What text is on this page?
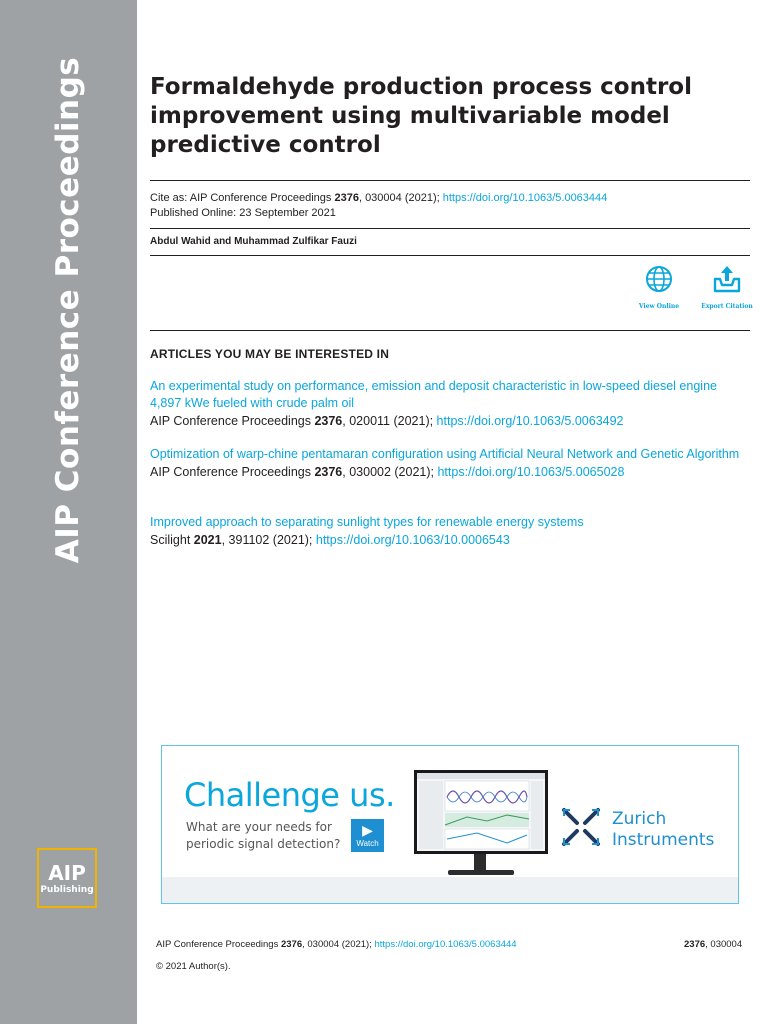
AIP Conference Proceedings
AIP
Publishing
Formaldehyde production process control improvement using multivariable model predictive control
Cite as: AIP Conference Proceedings 2376, 030004 (2021); https://doi.org/10.1063/5.0063444
Published Online: 23 September 2021
Abdul Wahid and Muhammad Zulfikar Fauzi
View Online	Export Citation
ARTICLES YOU MAY BE INTERESTED IN
An experimental study on performance, emission and deposit characteristic in low-speed diesel engine 4,897 kWe fueled with crude palm oil
AIP Conference Proceedings 2376, 020011 (2021); https://doi.org/10.1063/5.0063492
Optimization of warp-chine pentamaran configuration using Artificial Neural Network and Genetic Algorithm
AIP Conference Proceedings 2376, 030002 (2021); https://doi.org/10.1063/5.0065028
Improved approach to separating sunlight types for renewable energy systems
Scilight 2021, 391102 (2021); https://doi.org/10.1063/10.0006543
Challenge us.
What are your needs for
periodic signal detection?
▶
Watch
Zurich
Instruments
AIP Conference Proceedings 2376, 030004 (2021); https://doi.org/10.1063/5.0063444	2376, 030004
© 2021 Author(s).
